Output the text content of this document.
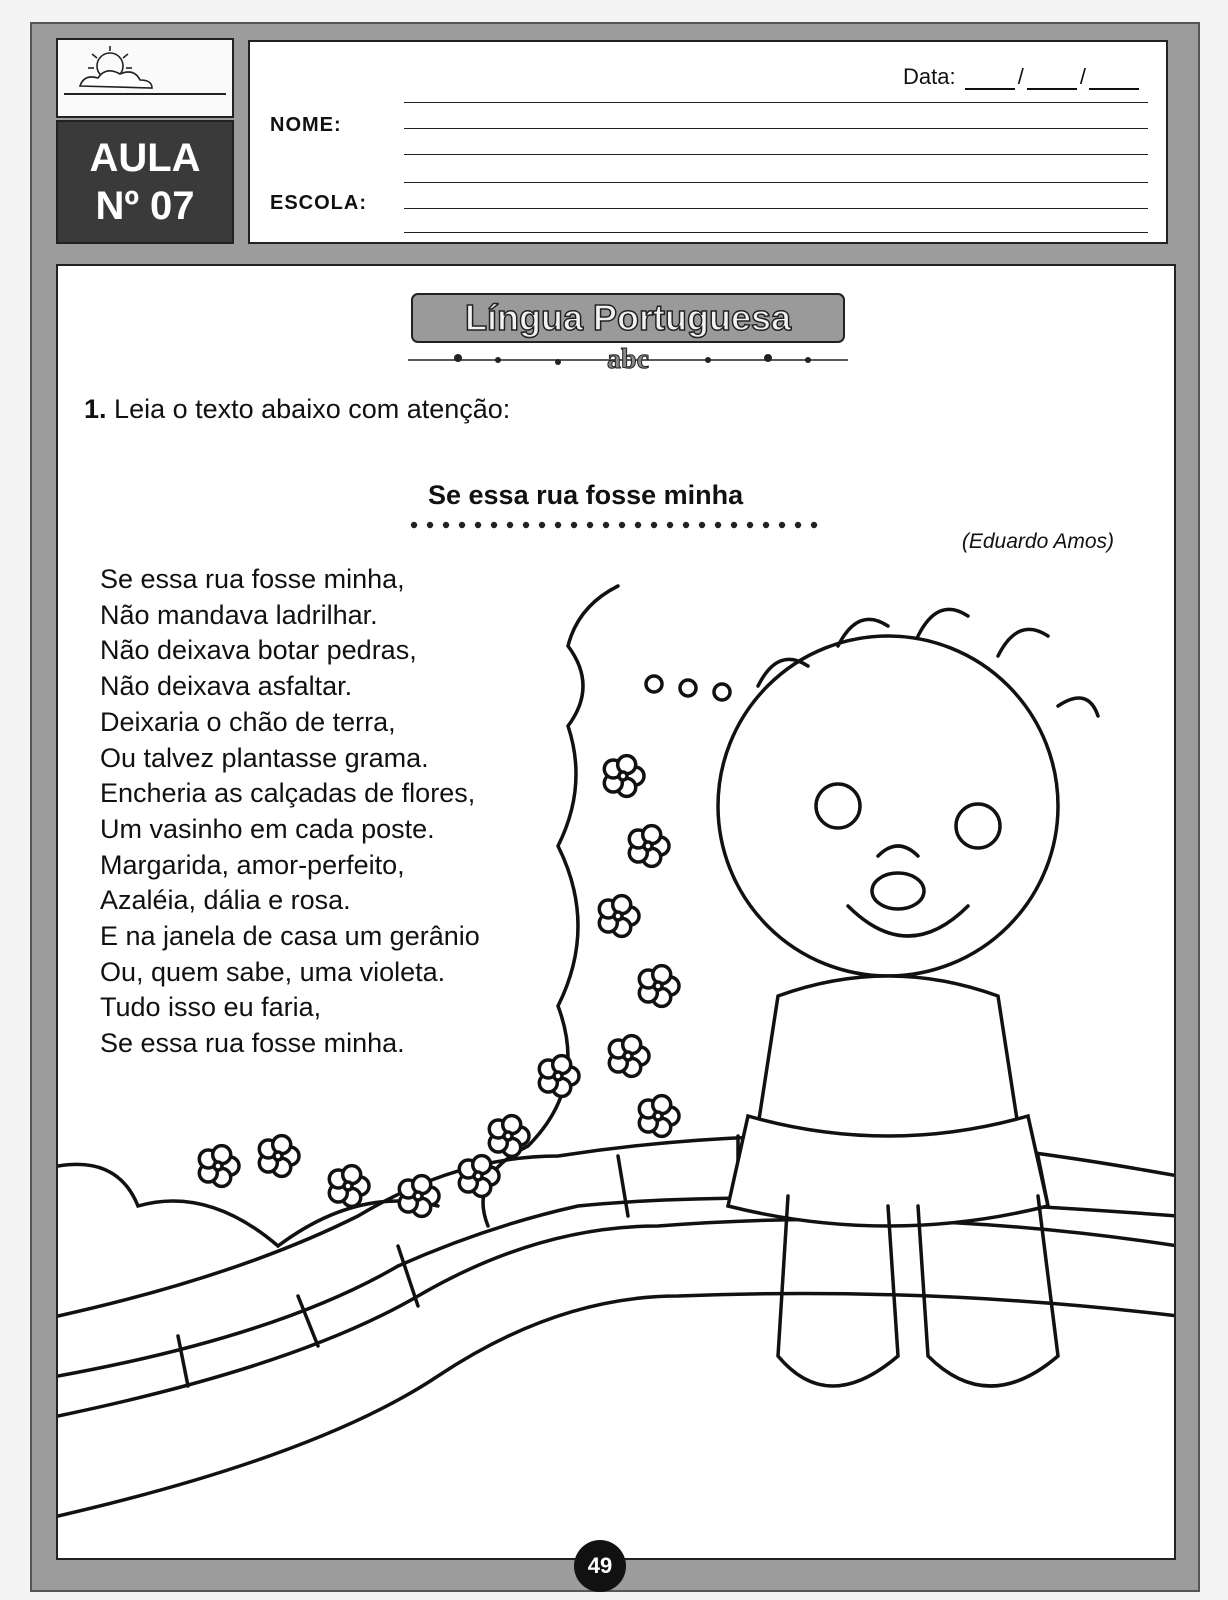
AULA
Nº 07
Data:	/	/
NOME:
ESCOLA:
Língua Portuguesa
abc
1. Leia o texto abaixo com atenção:
Se essa rua fosse minha
(Eduardo Amos)
Se essa rua fosse minha,
Não mandava ladrilhar.
Não deixava botar pedras,
Não deixava asfaltar.
Deixaria o chão de terra,
Ou talvez plantasse grama.
Encheria as calçadas de flores,
Um vasinho em cada poste.
Margarida, amor-perfeito,
Azaléia, dália e rosa.
E na janela de casa um gerânio
Ou, quem sabe, uma violeta.
Tudo isso eu faria,
Se essa rua fosse minha.
49
